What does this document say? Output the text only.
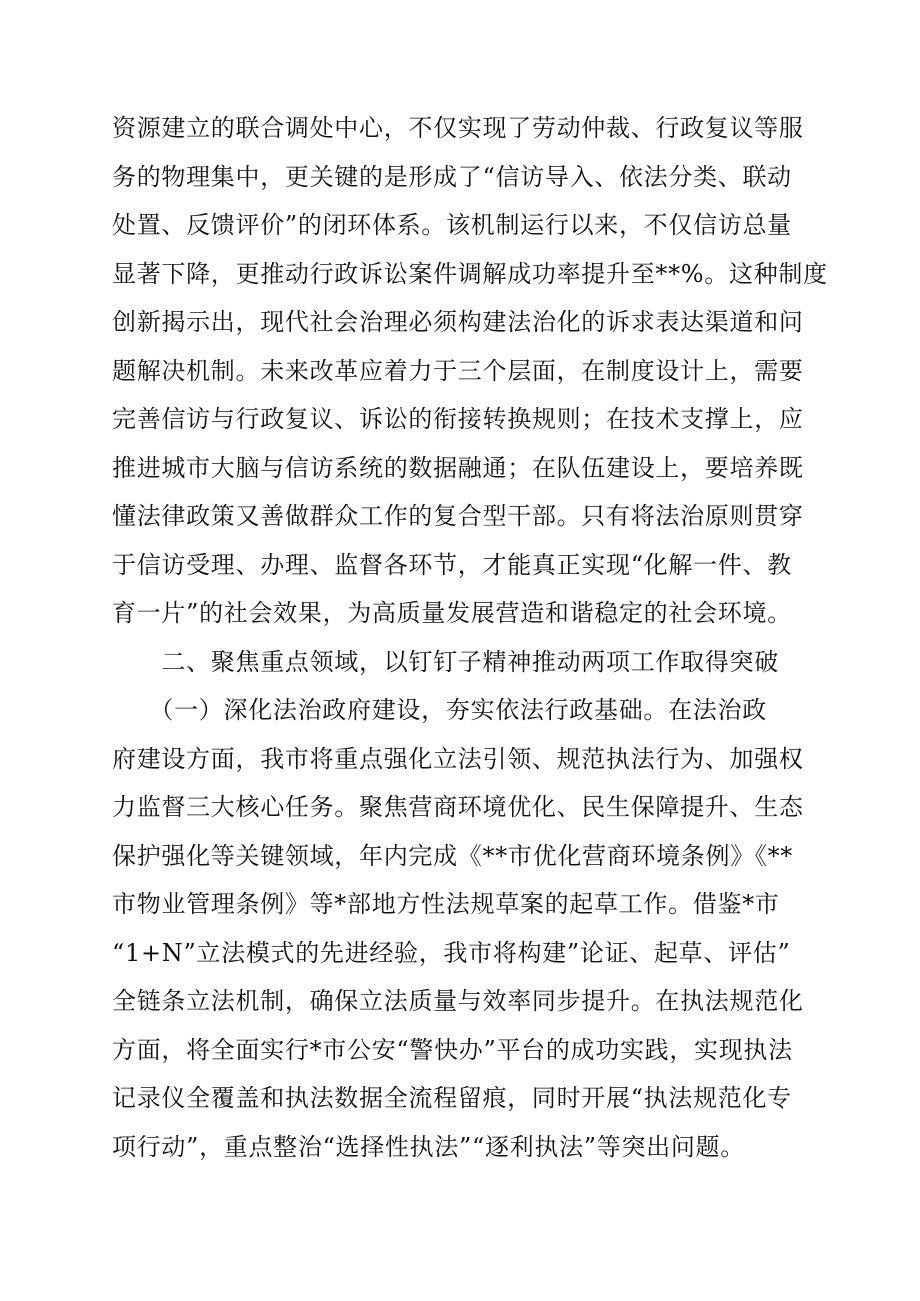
资源建立的联合调处中心，不仅实现了劳动仲裁、行政复议等服
务的物理集中，更关键的是形成了“信访导入、依法分类、联动
处置、反馈评价”的闭环体系。该机制运行以来，不仅信访总量
显著下降，更推动行政诉讼案件调解成功率提升至**%。这种制度
创新揭示出，现代社会治理必须构建法治化的诉求表达渠道和问
题解决机制。未来改革应着力于三个层面，在制度设计上，需要
完善信访与行政复议、诉讼的衔接转换规则；在技术支撑上，应
推进城市大脑与信访系统的数据融通；在队伍建设上，要培养既
懂法律政策又善做群众工作的复合型干部。只有将法治原则贯穿
于信访受理、办理、监督各环节，才能真正实现“化解一件、教
育一片”的社会效果，为高质量发展营造和谐稳定的社会环境。
　　二、聚焦重点领域，以钉钉子精神推动两项工作取得突破
　　（一）深化法治政府建设，夯实依法行政基础。在法治政
府建设方面，我市将重点强化立法引领、规范执法行为、加强权
力监督三大核心任务。聚焦营商环境优化、民生保障提升、生态
保护强化等关键领域，年内完成《**市优化营商环境条例》《**
市物业管理条例》等*部地方性法规草案的起草工作。借鉴*市
“1+N”立法模式的先进经验，我市将构建”论证、起草、评估”
全链条立法机制，确保立法质量与效率同步提升。在执法规范化
方面，将全面实行*市公安“警快办”平台的成功实践，实现执法
记录仪全覆盖和执法数据全流程留痕，同时开展“执法规范化专
项行动”，重点整治“选择性执法”“逐利执法”等突出问题。
